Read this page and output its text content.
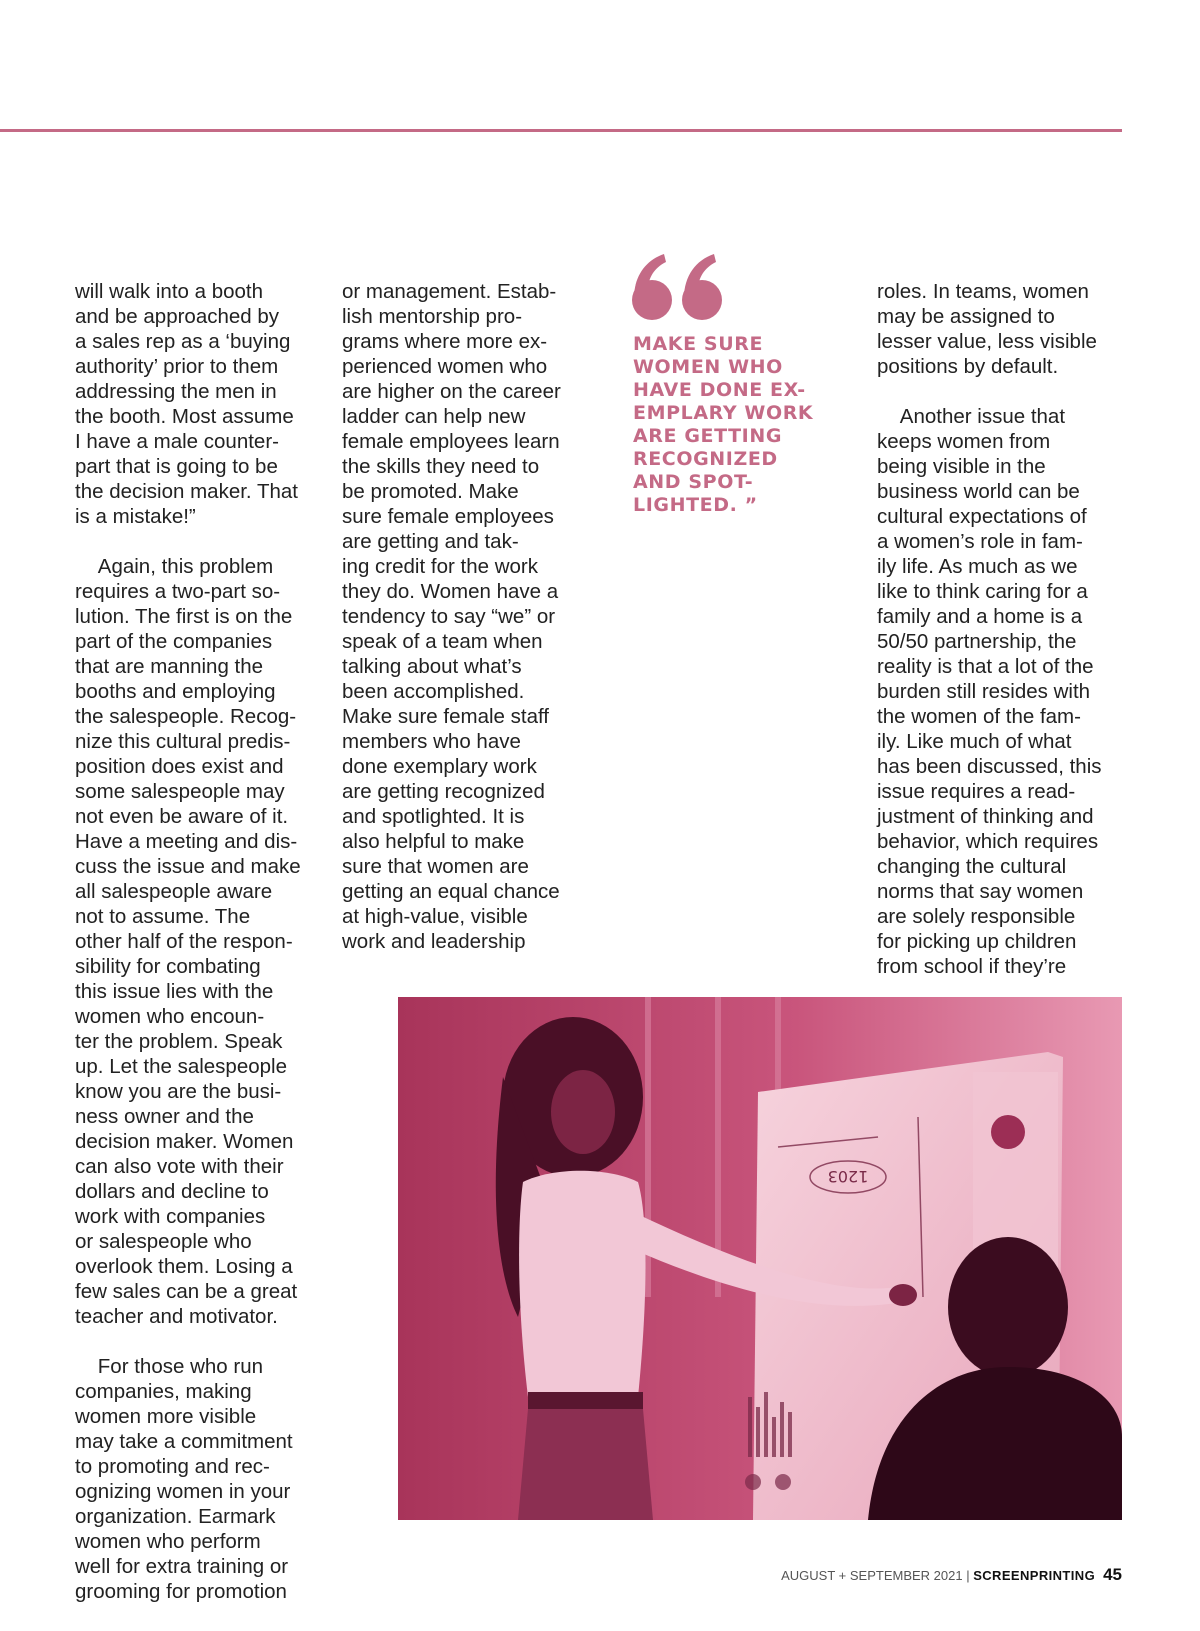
will walk into a booth
and be approached by
a sales rep as a ‘buying
authority’ prior to them
addressing the men in
the booth. Most assume
I have a male counter-
part that is going to be
the decision maker. That
is a mistake!”

Again, this problem
requires a two-part so-
lution. The first is on the
part of the companies
that are manning the
booths and employing
the salespeople. Recog-
nize this cultural predis-
position does exist and
some salespeople may
not even be aware of it.
Have a meeting and dis-
cuss the issue and make
all salespeople aware
not to assume. The
other half of the respon-
sibility for combating
this issue lies with the
women who encoun-
ter the problem. Speak
up. Let the salespeople
know you are the busi-
ness owner and the
decision maker. Women
can also vote with their
dollars and decline to
work with companies
or salespeople who
overlook them. Losing a
few sales can be a great
teacher and motivator.

For those who run
companies, making
women more visible
may take a commitment
to promoting and rec-
ognizing women in your
organization. Earmark
women who perform
well for extra training or
grooming for promotion

or management. Estab-
lish mentorship pro-
grams where more ex-
perienced women who
are higher on the career
ladder can help new
female employees learn
the skills they need to
be promoted. Make
sure female employees
are getting and tak-
ing credit for the work
they do. Women have a
tendency to say “we” or
speak of a team when
talking about what’s
been accomplished.
Make sure female staff
members who have
done exemplary work
are getting recognized
and spotlighted. It is
also helpful to make
sure that women are
getting an equal chance
at high-value, visible
work and leadership

MAKE SURE
WOMEN WHO
HAVE DONE EX-
EMPLARY WORK
ARE GETTING
RECOGNIZED
AND SPOT-
LIGHTED. ”

roles. In teams, women
may be assigned to
lesser value, less visible
positions by default.

Another issue that
keeps women from
being visible in the
business world can be
cultural expectations of
a women’s role in fam-
ily life. As much as we
like to think caring for a
family and a home is a
50/50 partnership, the
reality is that a lot of the
burden still resides with
the women of the fam-
ily. Like much of what
has been discussed, this
issue requires a read-
justment of thinking and
behavior, which requires
changing the cultural
norms that say women
are solely responsible
for picking up children
from school if they’re

1203
AUGUST + SEPTEMBER 2021 | SCREENPRINTING 45
